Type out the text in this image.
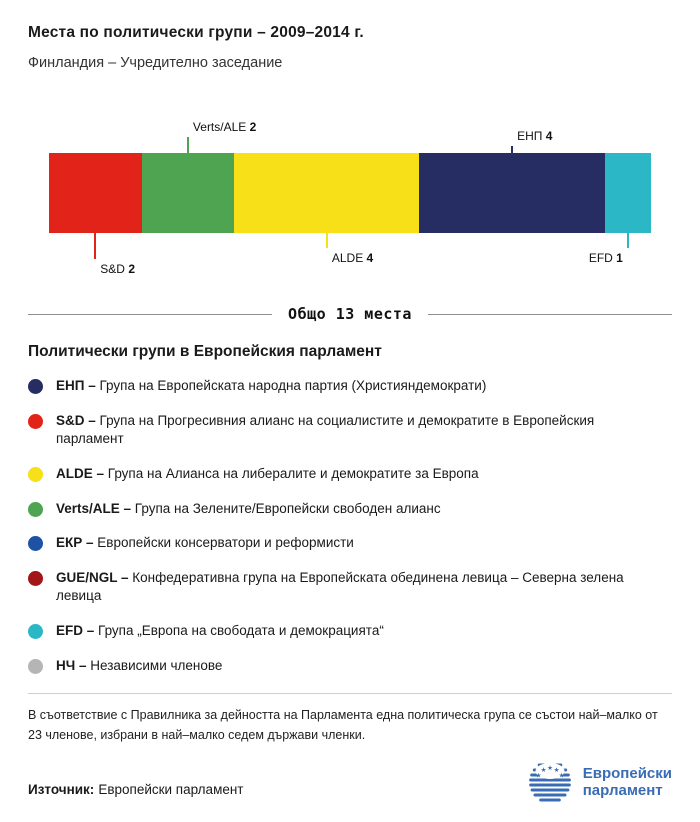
Места по политически групи – 2009–2014 г.
Финландия – Учредително заседание
S&D 2
Verts/ALE 2
ALDE 4
ЕНП 4
EFD 1
Общо 13 места
Политически групи в Европейския парламент
ЕНП – Група на Европейската народна партия (Християндемократи)
S&D – Група на Прогресивния алианс на социалистите и демократите в Европейския парламент
ALDE – Група на Алианса на либералите и демократите за Европа
Verts/ALE – Група на Зелените/Европейски свободен алианс
ЕКР – Европейски консерватори и реформисти
GUE/NGL – Конфедеративна група на Европейската обединена левица – Северна зелена левица
EFD – Група „Европа на свободата и демокрацията“
НЧ – Независими членове

В съответствие с Правилника за дейността на Парламента една политическа група се състои най–малко от 23 членове, избрани в най–малко седем държави членки.

Източник: Европейски парламент
★
★ ★ ★
★ Европейски
парламент
